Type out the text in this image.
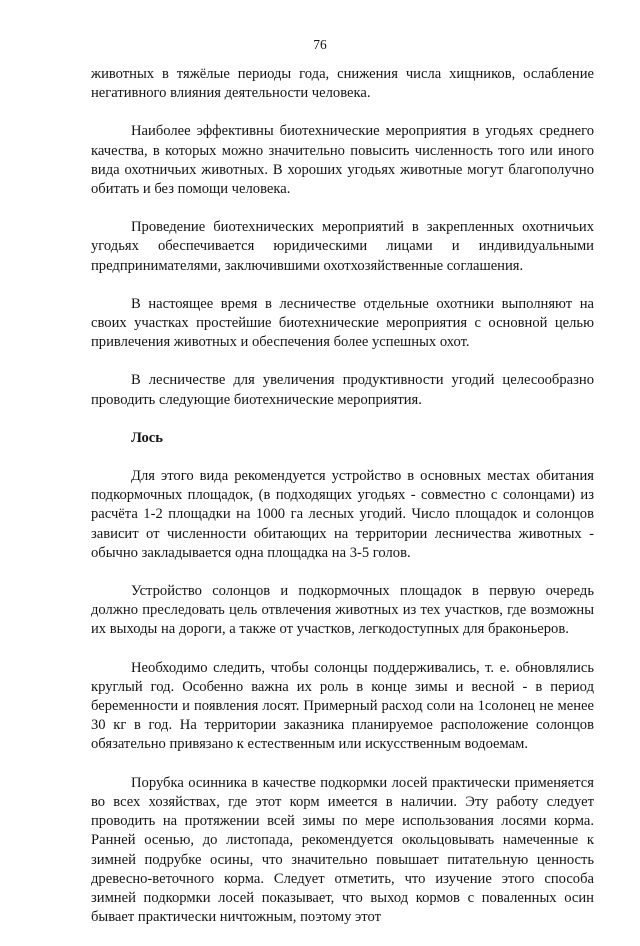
76

животных в тяжёлые периоды года, снижения числа хищников, ослабление негативного влияния деятельности человека.

Наиболее эффективны биотехнические мероприятия в угодьях среднего качества, в которых можно значительно повысить численность того или иного вида охотничьих животных. В хороших угодьях животные могут благополучно обитать и без помощи человека.

Проведение биотехнических мероприятий в закрепленных охотничьих угодьях обеспечивается юридическими лицами и индивидуальными предпринимателями, заключившими охотхозяйственные соглашения.

В настоящее время в лесничестве отдельные охотники выполняют на своих участках простейшие биотехнические мероприятия с основной целью привлечения животных и обеспечения более успешных охот.

В лесничестве для увеличения продуктивности угодий целесообразно проводить следующие биотехнические мероприятия.

Лось

Для этого вида рекомендуется устройство в основных местах обитания подкормочных площадок, (в подходящих угодьях - совместно с солонцами) из расчёта 1-2 площадки на 1000 га лесных угодий. Число площадок и солонцов зависит от численности обитающих на территории лесничества животных - обычно закладывается одна площадка на 3-5 голов.

Устройство солонцов и подкормочных площадок в первую очередь должно преследовать цель отвлечения животных из тех участков, где возможны их выходы на дороги, а также от участков, легкодоступных для браконьеров.

Необходимо следить, чтобы солонцы поддерживались, т. е. обновлялись круглый год. Особенно важна их роль в конце зимы и весной - в период беременности и появления лосят. Примерный расход соли на 1солонец не менее 30 кг в год. На территории заказника планируемое расположение солонцов обязательно привязано к естественным или искусственным водоемам.

Порубка осинника в качестве подкормки лосей практически применяется во всех хозяйствах, где этот корм имеется в наличии. Эту работу следует проводить на протяжении всей зимы по мере использования лосями корма. Ранней осенью, до листопада, рекомендуется окольцовывать намеченные к зимней подрубке осины, что значительно повышает питательную ценность древесно-веточного корма. Следует отметить, что изучение этого способа зимней подкормки лосей показывает, что выход кормов с поваленных осин бывает практически ничтожным, поэтому этот
